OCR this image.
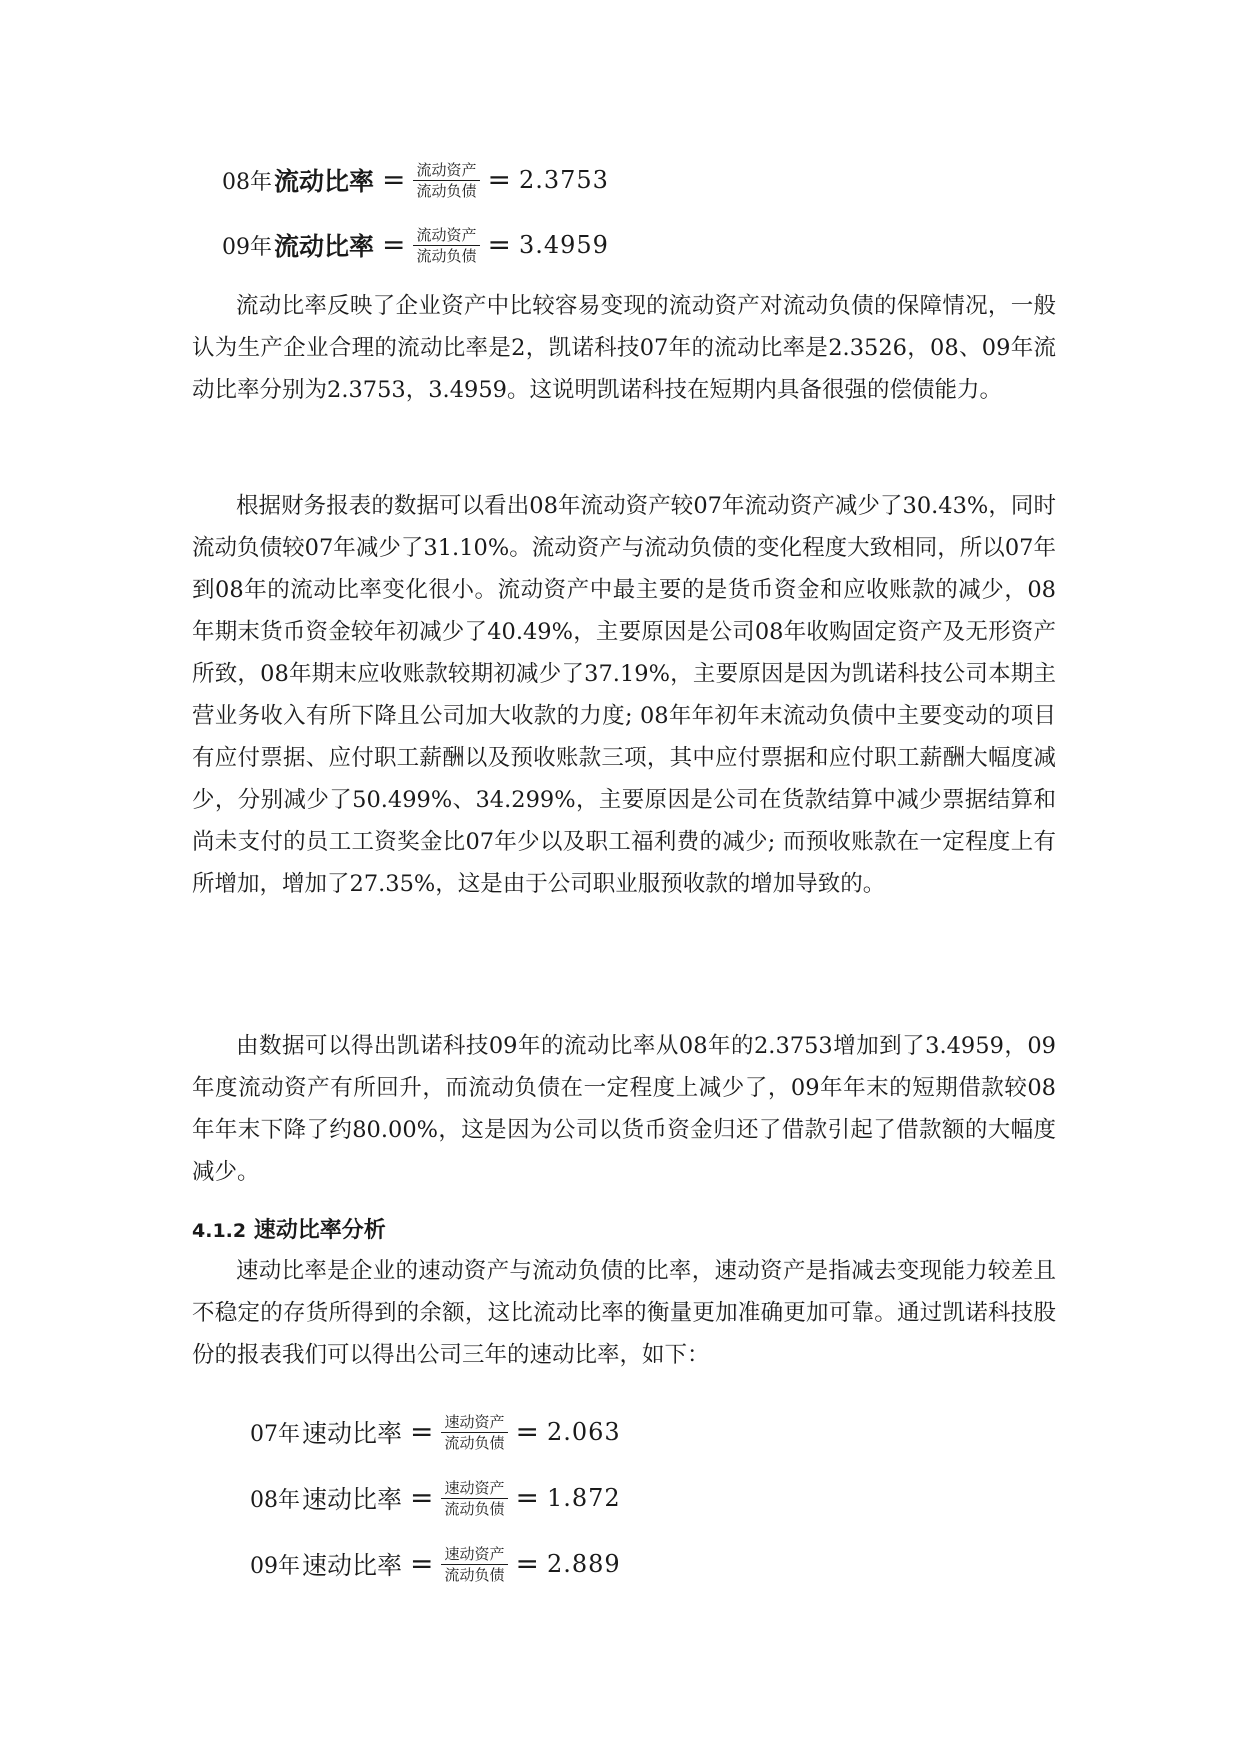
08年 流动比率 = $\frac{\text{流动资产}}{\text{流动负债}} = 2.3753$
09年 流动比率 = $\frac{\text{流动资产}}{\text{流动负债}} = 3.4959$

流动比率反映了企业资产中比较容易变现的流动资产对流动负债的保障情况，一般认为生产企业合理的流动比率是2，凯诺科技07年的流动比率是2.3526，08、09年流动比率分别为2.3753，3.4959。这说明凯诺科技在短期内具备很强的偿债能力。

根据财务报表的数据可以看出08年流动资产较07年流动资产减少了30.43%，同时流动负债较07年减少了31.10%。流动资产与流动负债的变化程度大致相同，所以07年到08年的流动比率变化很小。流动资产中最主要的是货币资金和应收账款的减少，08年期末货币资金较年初减少了40.49%，主要原因是公司08年收购固定资产及无形资产所致，08年期末应收账款较期初减少了37.19%，主要原因是因为凯诺科技公司本期主营业务收入有所下降且公司加大收款的力度; 08年年初年末流动负债中主要变动的项目有应付票据、应付职工薪酬以及预收账款三项，其中应付票据和应付职工薪酬大幅度减少，分别减少了50.499%、34.299%，主要原因是公司在货款结算中减少票据结算和尚未支付的员工工资奖金比07年少以及职工福利费的减少; 而预收账款在一定程度上有所增加，增加了27.35%，这是由于公司职业服预收款的增加导致的。

由数据可以得出凯诺科技09年的流动比率从08年的2.3753增加到了3.4959，09年度流动资产有所回升，而流动负债在一定程度上减少了，09年年末的短期借款较08年年末下降了约80.00%，这是因为公司以货币资金归还了借款引起了借款额的大幅度减少。

4.1.2 速动比率分析

速动比率是企业的速动资产与流动负债的比率，速动资产是指减去变现能力较差且不稳定的存货所得到的余额，这比流动比率的衡量更加准确更加可靠。通过凯诺科技股份的报表我们可以得出公司三年的速动比率，如下：

07年 速动比率 = $\frac{\text{速动资产}}{\text{流动负债}} = 2.063$
08年 速动比率 = $\frac{\text{速动资产}}{\text{流动负债}} = 1.872$
09年 速动比率 = $\frac{\text{速动资产}}{\text{流动负债}} = 2.889$
